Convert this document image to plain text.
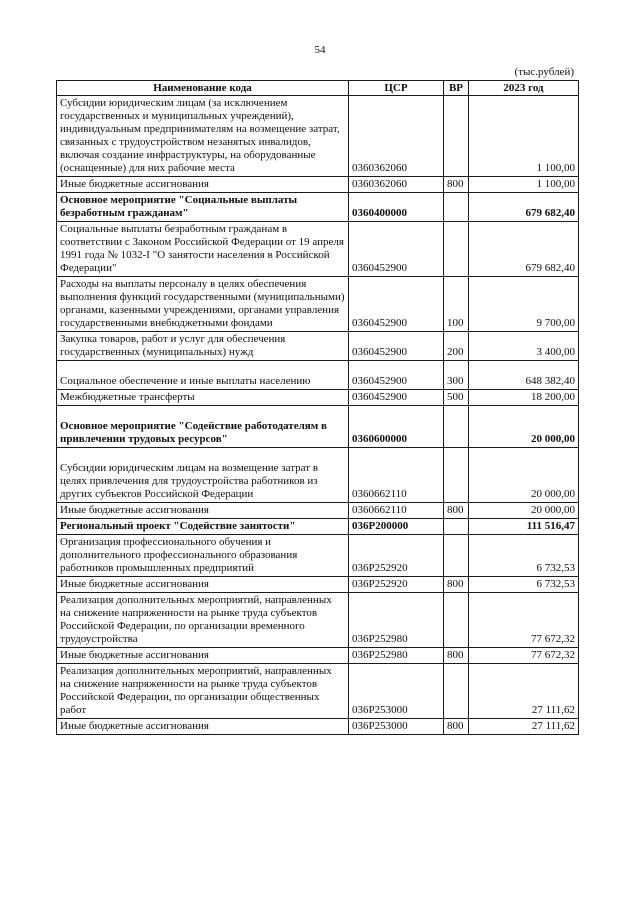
54
(тыс.рублей)
Наименование кода	ЦСР	ВР	2023 год
Субсидии юридическим лицам (за исключением государственных и муниципальных учреждений), индивидуальным предпринимателям на возмещение затрат, связанных с трудоустройством незанятых инвалидов, включая создание инфраструктуры, на оборудованные (оснащенные) для них рабочие места	0360362060		1 100,00
Иные бюджетные ассигнования	0360362060	800	1 100,00
Основное мероприятие "Социальные выплаты безработным гражданам"	0360400000		679 682,40
Социальные выплаты безработным гражданам в соответствии с Законом Российской Федерации от 19 апреля 1991 года № 1032-I "О занятости населения в Российской Федерации"	0360452900		679 682,40
Расходы на выплаты персоналу в целях обеспечения выполнения функций государственными (муниципальными) органами, казенными учреждениями, органами управления государственными внебюджетными фондами	0360452900	100	9 700,00
Закупка товаров, работ и услуг для обеспечения государственных (муниципальных) нужд	0360452900	200	3 400,00
Социальное обеспечение и иные выплаты населению	0360452900	300	648 382,40
Межбюджетные трансферты	0360452900	500	18 200,00
Основное мероприятие "Содействие работодателям в привлечении трудовых ресурсов"	0360600000		20 000,00
Субсидии юридическим лицам на возмещение затрат в целях привлечения для трудоустройства работников из других субъектов Российской Федерации	0360662110		20 000,00
Иные бюджетные ассигнования	0360662110	800	20 000,00
Региональный проект "Содействие занятости"	036P200000		111 516,47
Организация профессионального обучения и дополнительного профессионального образования работников промышленных предприятий	036P252920		6 732,53
Иные бюджетные ассигнования	036P252920	800	6 732,53
Реализация дополнительных мероприятий, направленных на снижение напряженности на рынке труда субъектов Российской Федерации, по организации временного трудоустройства	036P252980		77 672,32
Иные бюджетные ассигнования	036P252980	800	77 672,32
Реализация дополнительных мероприятий, направленных на снижение напряженности на рынке труда субъектов Российской Федерации, по организации общественных работ	036P253000		27 111,62
Иные бюджетные ассигнования	036P253000	800	27 111,62
